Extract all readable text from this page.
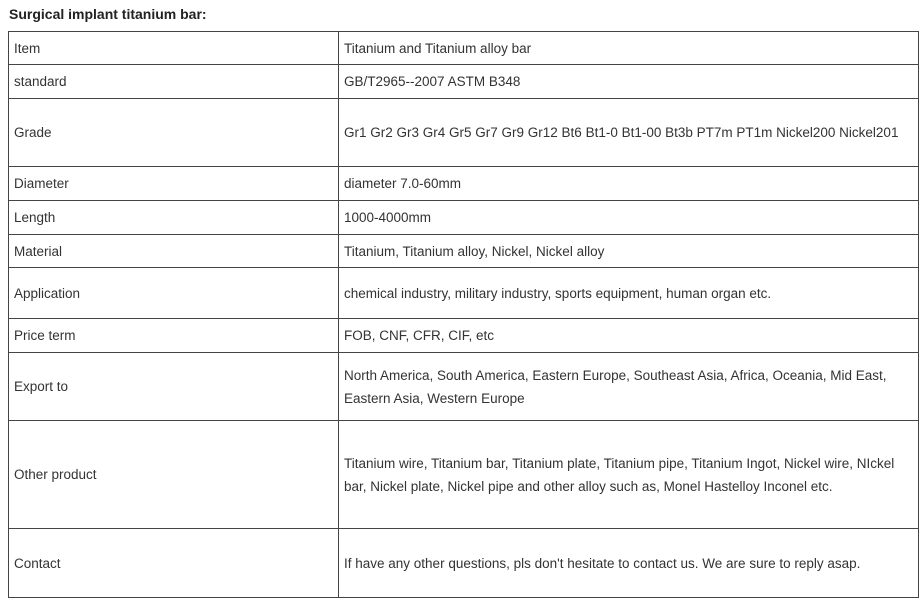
Surgical implant titanium bar:
Item	Titanium and Titanium alloy bar
standard	GB/T2965--2007 ASTM B348
Grade	Gr1 Gr2 Gr3 Gr4 Gr5 Gr7 Gr9 Gr12 Bt6 Bt1-0 Bt1-00 Bt3b PT7m PT1m Nickel200 Nickel201
Diameter	diameter 7.0-60mm
Length	1000-4000mm
Material	Titanium, Titanium alloy, Nickel, Nickel alloy
Application	chemical industry, military industry, sports equipment, human organ etc.
Price term	FOB, CNF, CFR, CIF, etc
Export to	North America, South America, Eastern Europe, Southeast Asia, Africa, Oceania, Mid East, Eastern Asia, Western Europe
Other product	Titanium wire, Titanium bar, Titanium plate, Titanium pipe, Titanium Ingot, Nickel wire, NIckel bar, Nickel plate, Nickel pipe and other alloy such as, Monel Hastelloy Inconel etc.
Contact	If have any other questions, pls don't hesitate to contact us. We are sure to reply asap.
